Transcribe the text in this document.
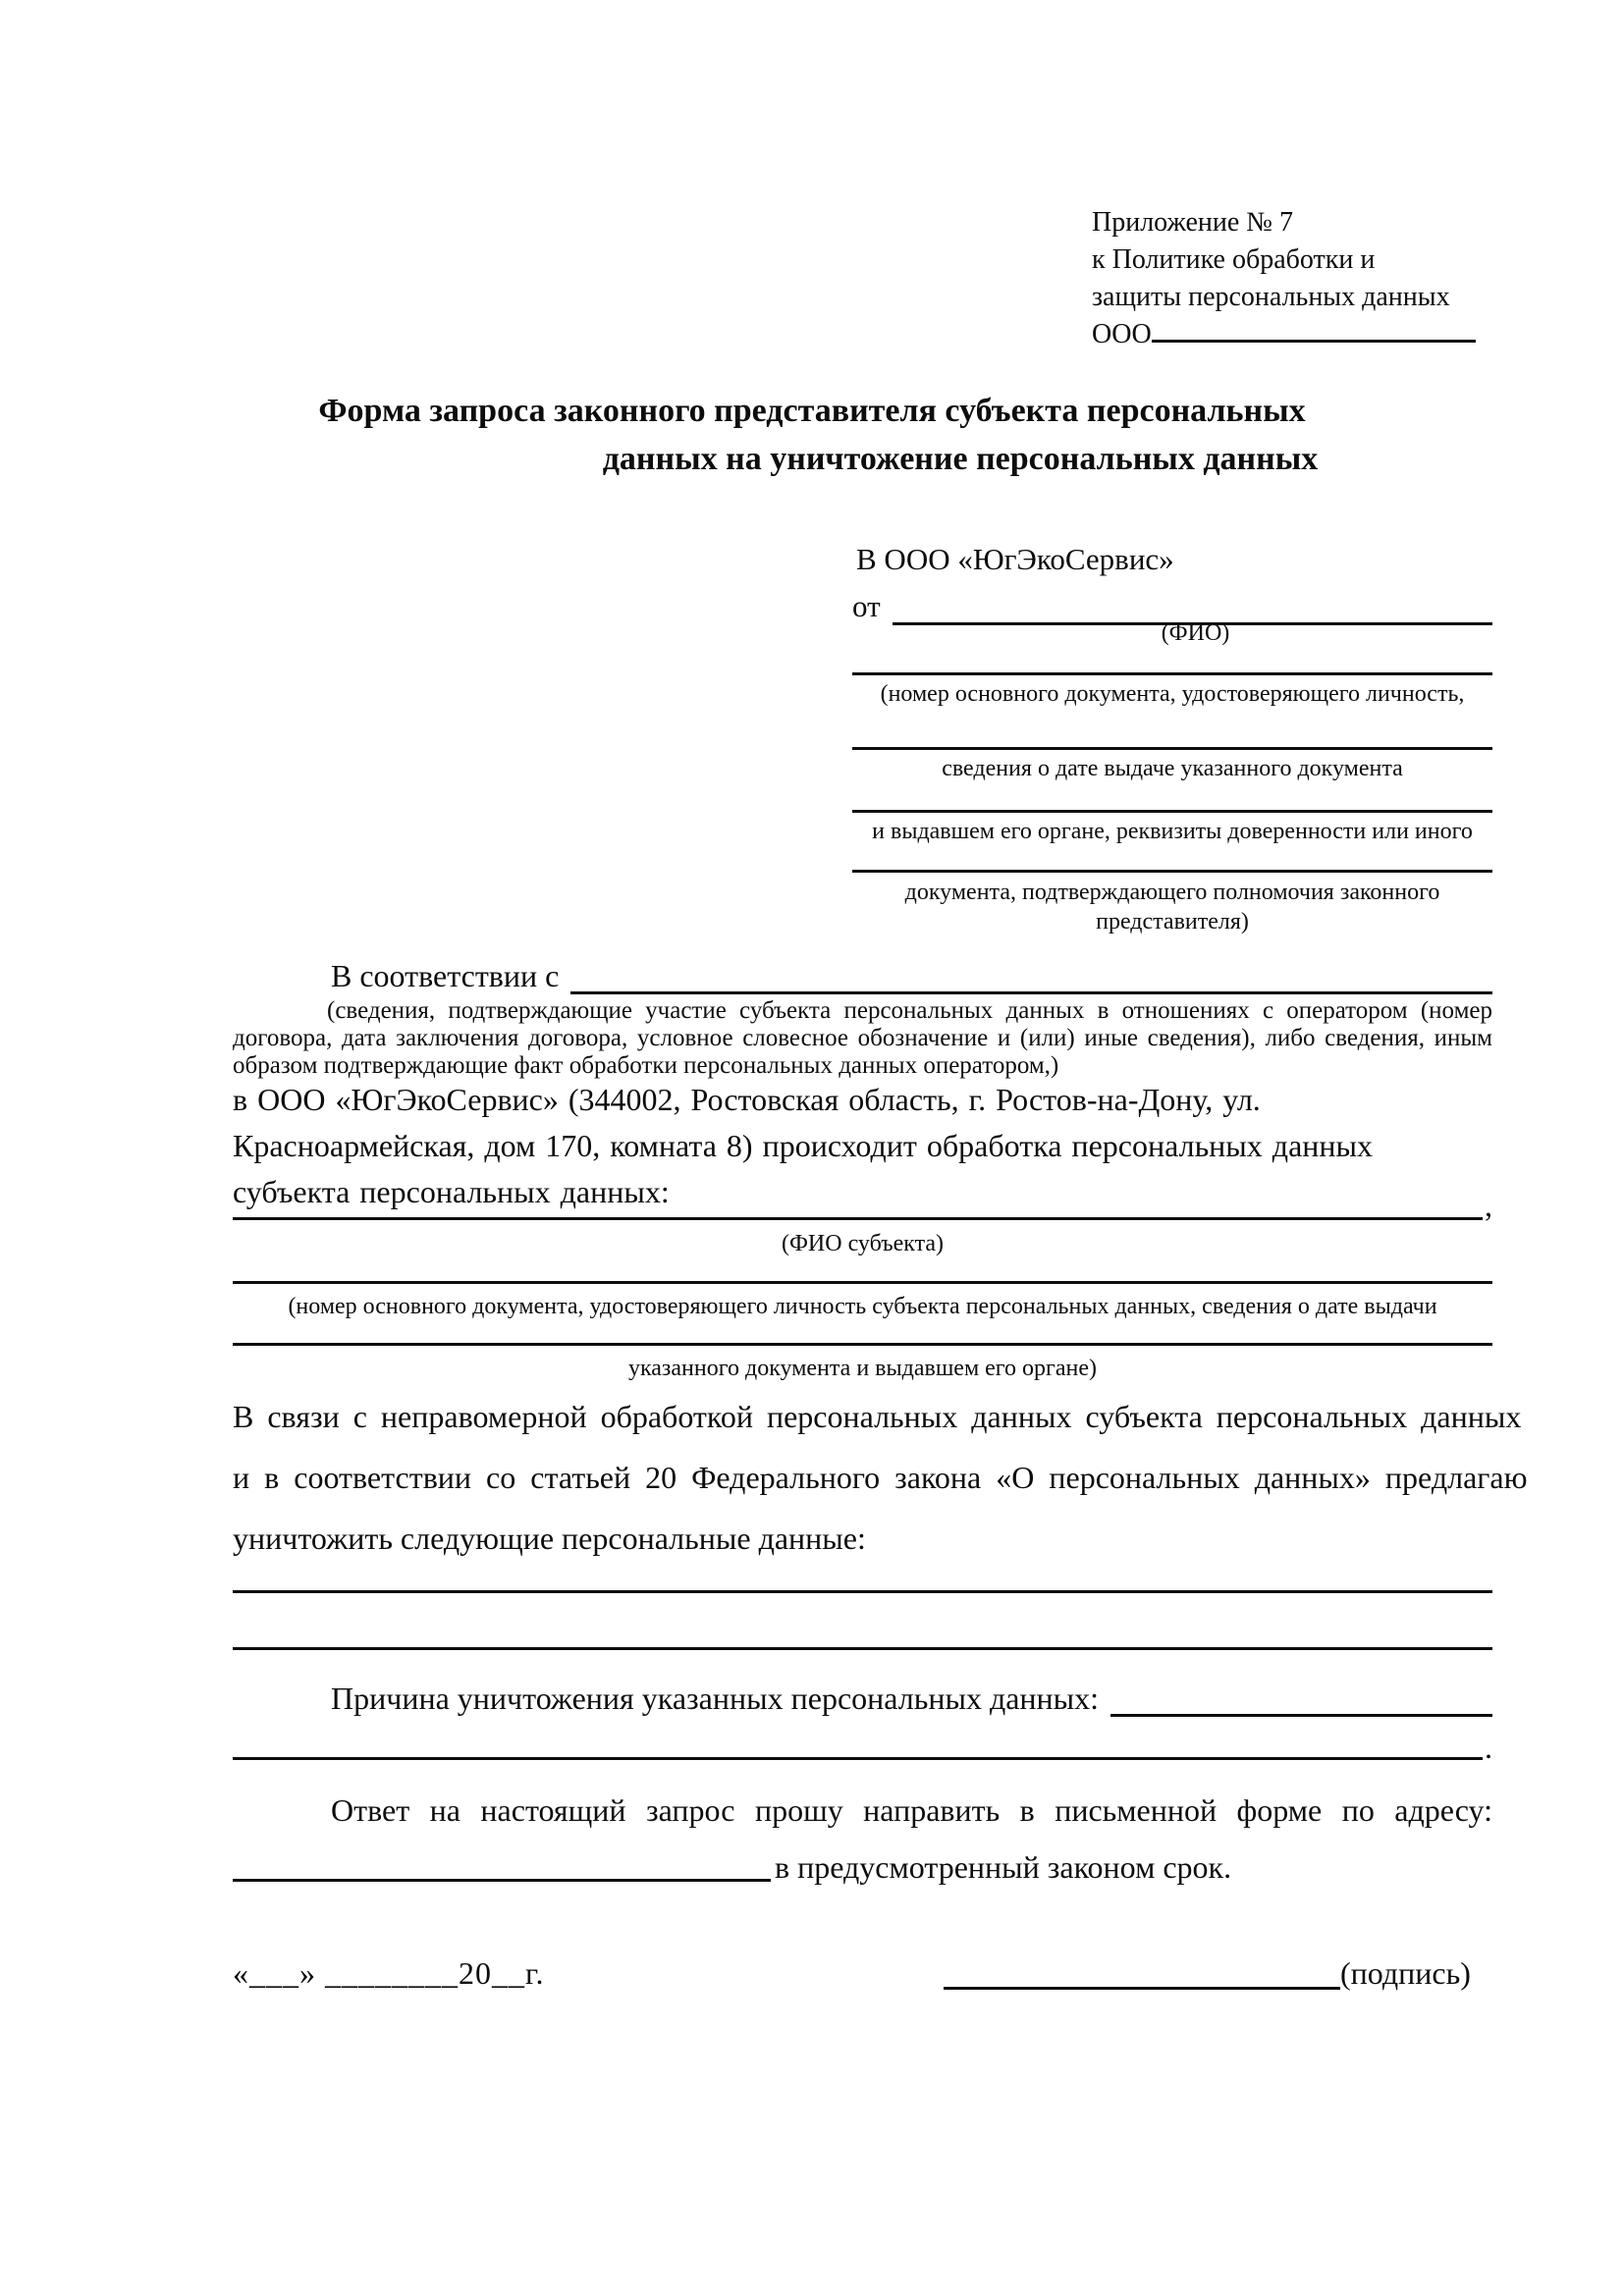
Приложение № 7
к Политике обработки и
защиты персональных данных
ООО
Форма запроса законного представителя субъекта персональных
данных на уничтожение персональных данных
В ООО «ЮгЭкоСервис»
от
(ФИО)
(номер основного документа, удостоверяющего личность,
сведения о дате выдаче указанного документа
и выдавшем его органе, реквизиты доверенности или иного
документа, подтверждающего полномочия законного представителя)
В соответствии с
(сведения, подтверждающие участие субъекта персональных данных в отношениях с оператором (номер договора, дата заключения договора, условное словесное обозначение и (или) иные сведения), либо сведения, иным образом подтверждающие факт обработки персональных данных оператором,)
в ООО «ЮгЭкоСервис» (344002, Ростовская область, г. Ростов-на-Дону, ул.
Красноармейская, дом 170, комната 8) происходит обработка персональных данных
субъекта персональных данных:	,
(ФИО субъекта)
(номер основного документа, удостоверяющего личность субъекта персональных данных, сведения о дате выдачи
указанного документа и выдавшем его органе)
В связи с неправомерной обработкой персональных данных субъекта персональных данных
и в соответствии со статьей 20 Федерального закона «О персональных данных» предлагаю
уничтожить следующие персональные данные:
Причина уничтожения указанных персональных данных:
.
Ответ на настоящий запрос прошу направить в письменной форме по адресу:
в предусмотренный законом срок.
«___» ________20__г.	(подпись)
